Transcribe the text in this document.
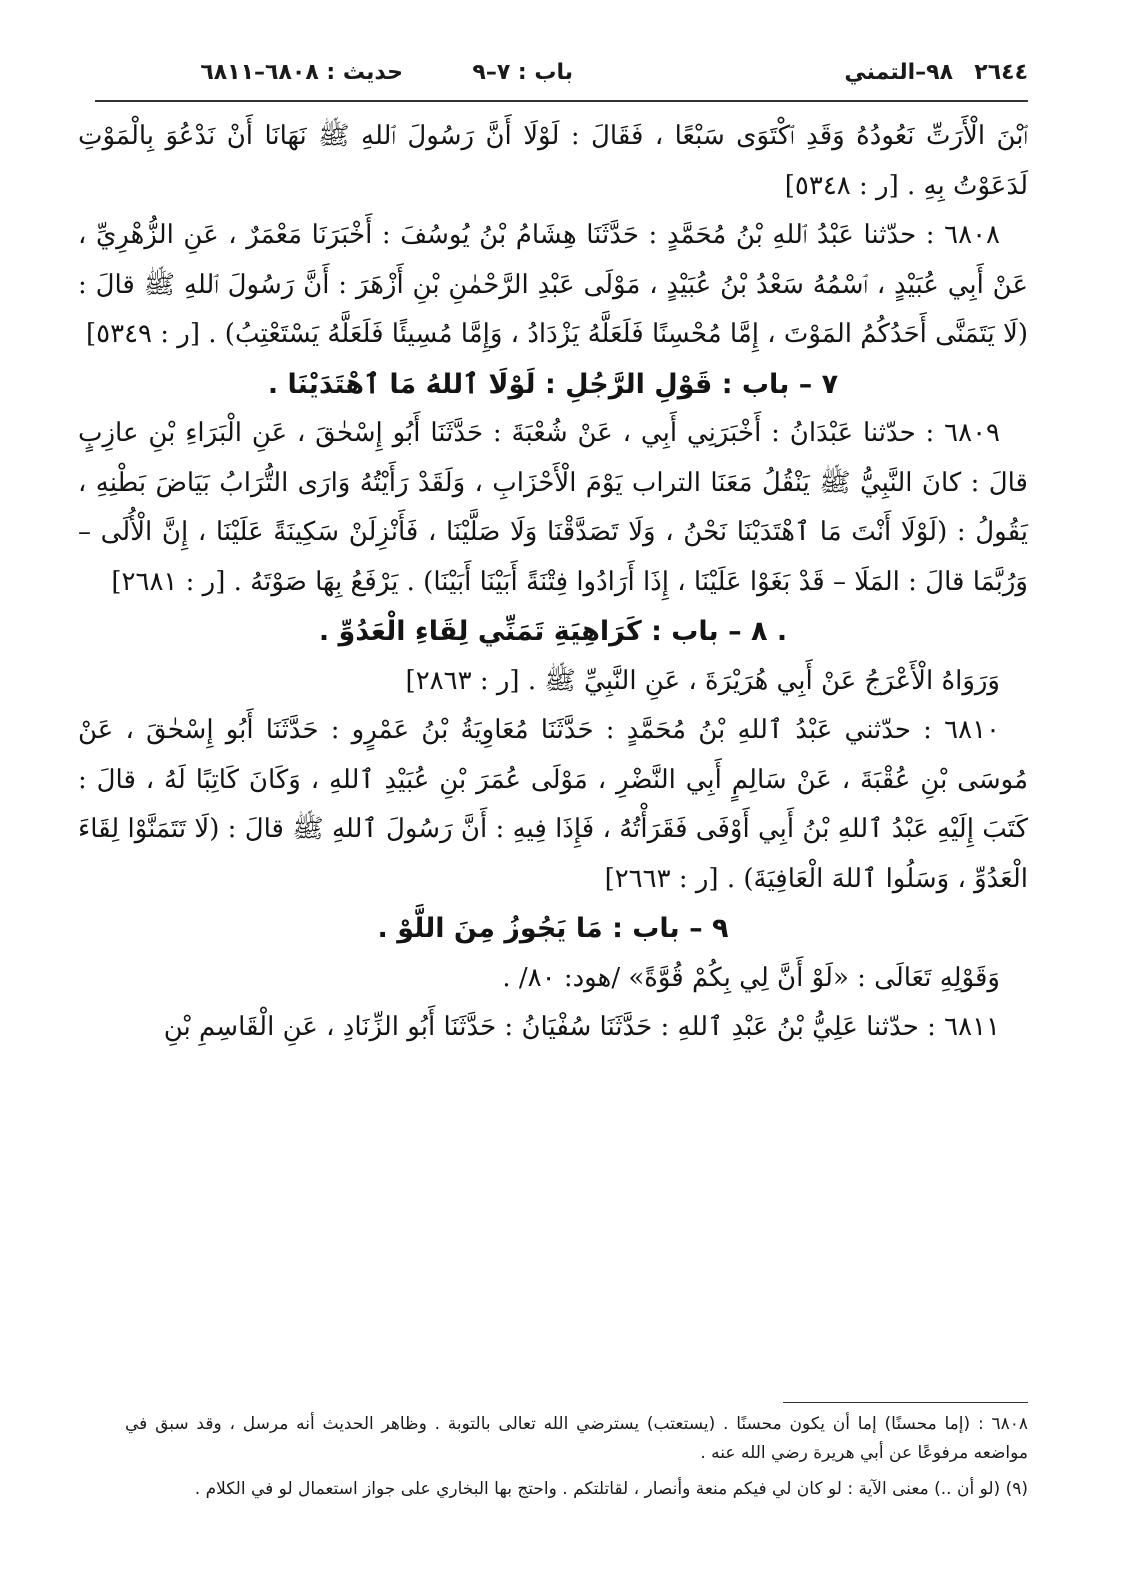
٢٦٤٤
٩٨–التمني
باب : ٧–٩
حديث : ٦٨٠٨–٦٨١١

ٱبْنَ الْأَرَتِّ نَعُودُهُ وَقَدِ ٱكْتَوَى سَبْعًا ، فَقَالَ : لَوْلَا أَنَّ رَسُولَ ٱللهِ ﷺ نَهَانَا أَنْ نَدْعُوَ بِالْمَوْتِ لَدَعَوْتُ بِهِ . [ر : ٥٣٤٨]

٦٨٠٨ : حدّثنا عَبْدُ ٱللهِ بْنُ مُحَمَّدٍ : حَدَّثَنَا هِشَامُ بْنُ يُوسُفَ : أَخْبَرَنَا مَعْمَرٌ ، عَنِ الزُّهْرِيِّ ، عَنْ أَبِي عُبَيْدٍ ، ٱسْمُهُ سَعْدُ بْنُ عُبَيْدٍ ، مَوْلَى عَبْدِ الرَّحْمٰنِ بْنِ أَزْهَرَ : أَنَّ رَسُولَ ٱللهِ ﷺ قالَ : (لَا يَتَمَنَّى أَحَدُكُمُ المَوْتَ ، إِمَّا مُحْسِنًا فَلَعَلَّهُ يَزْدَادُ ، وَإِمَّا مُسِيئًا فَلَعَلَّهُ يَسْتَعْتِبُ) . [ر : ٥٣٤٩]

٧ – باب : قَوْلِ الرَّجُلِ : لَوْلَا ٱللهُ مَا ٱهْتَدَيْنَا .

٦٨٠٩ : حدّثنا عَبْدَانُ : أَخْبَرَنِي أَبِي ، عَنْ شُعْبَةَ : حَدَّثَنَا أَبُو إِسْحٰقَ ، عَنِ الْبَرَاءِ بْنِ عازِبٍ قالَ : كانَ النَّبِيُّ ﷺ يَنْقُلُ مَعَنَا التراب يَوْمَ الْأَحْزَابِ ، وَلَقَدْ رَأَيْتُهُ وَارَى التُّرَابُ بَيَاضَ بَطْنِهِ ، يَقُولُ : (لَوْلَا أَنْتَ مَا ٱهْتَدَيْنَا نَحْنُ ، وَلَا تَصَدَّقْنَا وَلَا صَلَّيْنَا ، فَأَنْزِلَنْ سَكِينَةً عَلَيْنَا ، إِنَّ الْأُلَى – وَرُبَّمَا قالَ : المَلَا – قَدْ بَغَوْا عَلَيْنَا ، إِذَا أَرَادُوا فِتْنَةً أَبَيْنَا أَبَيْنَا) . يَرْفَعُ بِهَا صَوْتَهُ . [ر : ٢٦٨١]

. ٨ – باب : كَرَاهِيَةِ تَمَنِّي لِقَاءِ الْعَدُوِّ .

وَرَوَاهُ الْأَعْرَجُ عَنْ أَبِي هُرَيْرَةَ ، عَنِ النَّبِيِّ ﷺ . [ر : ٢٨٦٣]

٦٨١٠ : حدّثني عَبْدُ ٱللهِ بْنُ مُحَمَّدٍ : حَدَّثَنَا مُعَاوِيَةُ بْنُ عَمْرٍو : حَدَّثَنَا أَبُو إِسْحٰقَ ، عَنْ مُوسَى بْنِ عُقْبَةَ ، عَنْ سَالِمٍ أَبِي النَّضْرِ ، مَوْلَى عُمَرَ بْنِ عُبَيْدِ ٱللهِ ، وَكَانَ كَاتِبًا لَهُ ، قالَ : كَتَبَ إِلَيْهِ عَبْدُ ٱللهِ بْنُ أَبِي أَوْفَى فَقَرَأْتُهُ ، فَإِذَا فِيهِ : أَنَّ رَسُولَ ٱللهِ ﷺ قالَ : (لَا تَتَمَنَّوْا لِقَاءَ الْعَدُوِّ ، وَسَلُوا ٱللهَ الْعَافِيَةَ) . [ر : ٢٦٦٣]

٩ – باب : مَا يَجُوزُ مِنَ اللَّوْ .

وَقَوْلِهِ تَعَالَى : «لَوْ أَنَّ لِي بِكُمْ قُوَّةً» /هود: ٨٠/ .

٦٨١١ : حدّثنا عَلِيُّ بْنُ عَبْدِ ٱللهِ : حَدَّثَنَا سُفْيَانُ : حَدَّثَنَا أَبُو الزِّنَادِ ، عَنِ الْقَاسِمِ بْنِ

٦٨٠٨ : (إما محسنًا) إما أن يكون محسنًا . (يستعتب) يسترضي الله تعالى بالتوبة . وظاهر الحديث أنه مرسل ، وقد سبق في مواضعه مرفوعًا عن أبي هريرة رضي الله عنه .

(٩) (لو أن ..) معنى الآية : لو كان لي فيكم منعة وأنصار ، لقاتلتكم . واحتج بها البخاري على جواز استعمال لو في الكلام .
